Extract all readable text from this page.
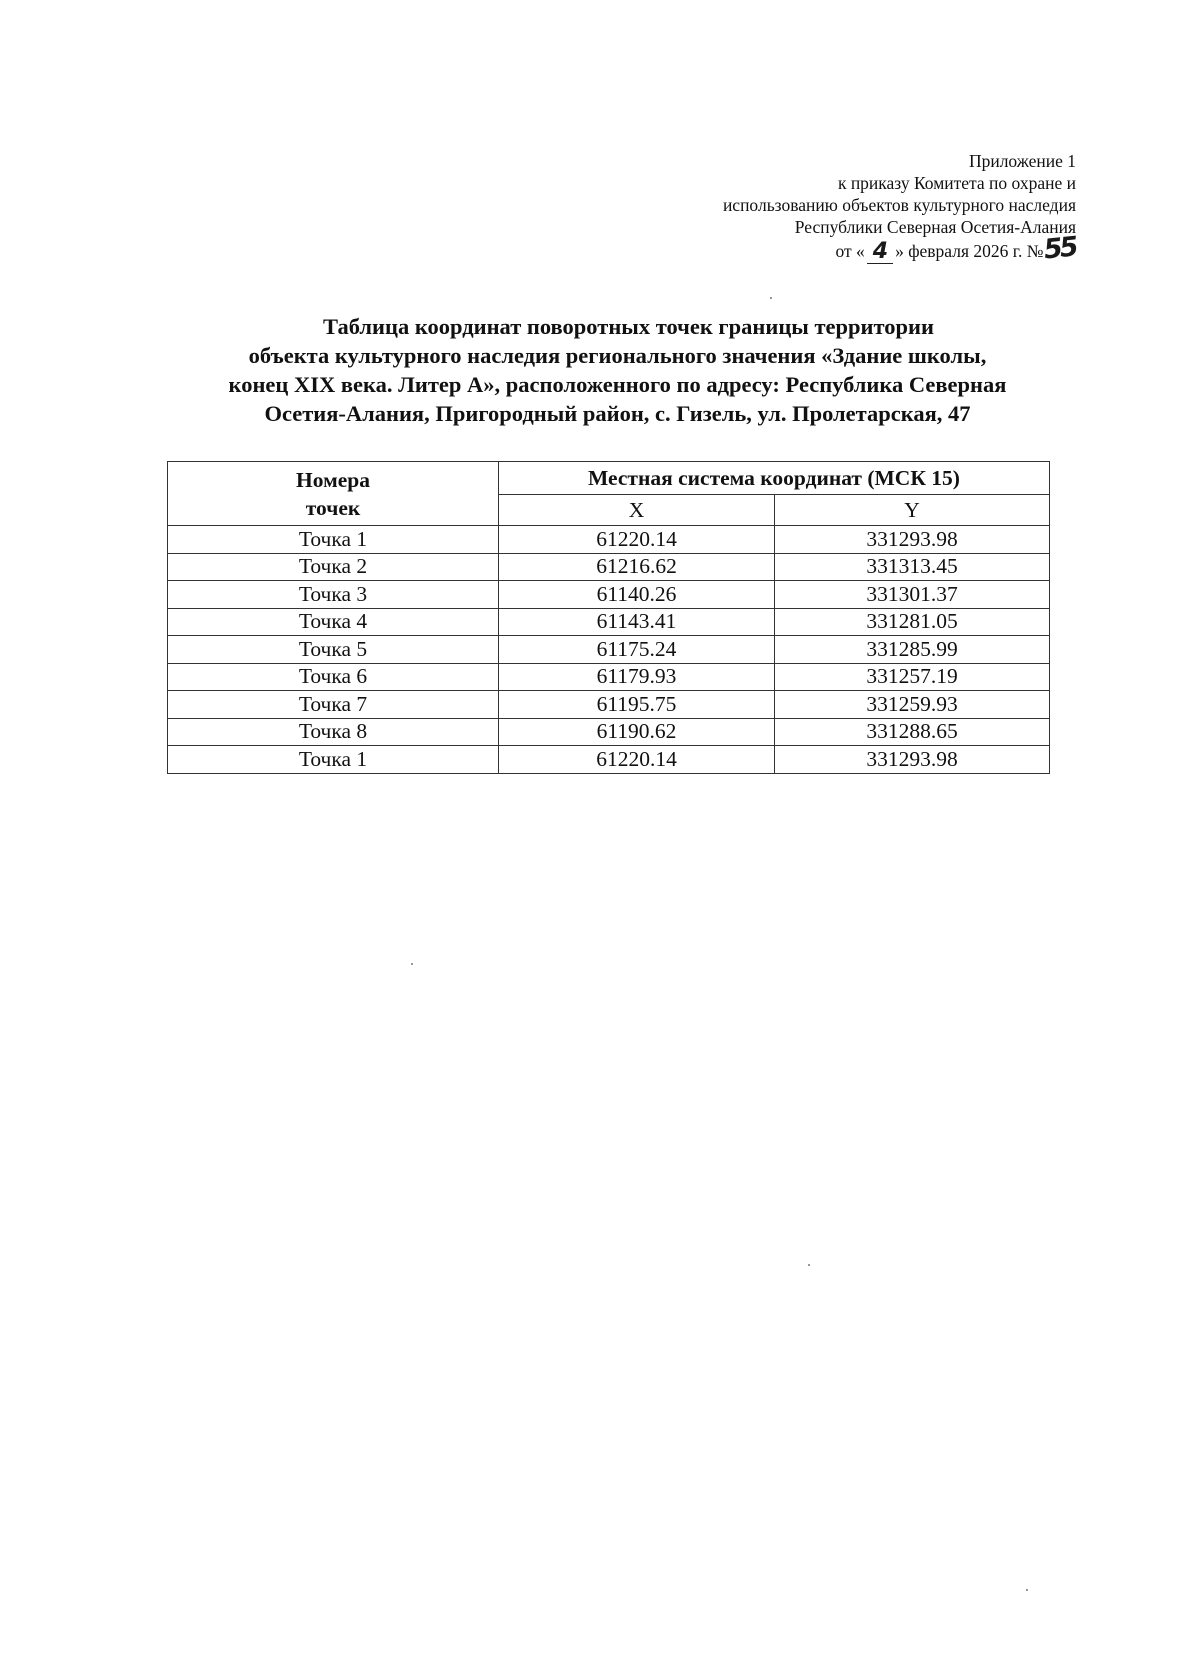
Приложение 1
к приказу Комитета по охране и
использованию объектов культурного наследия
Республики Северная Осетия-Алания
от « 4 » февраля 2026 г. №55
Таблица координат поворотных точек границы территории
объекта культурного наследия регионального значения «Здание школы,
конец XIX века. Литер А», расположенного по адресу: Республика Северная
Осетия-Алания, Пригородный район, с. Гизель, ул. Пролетарская, 47
Номера
точек	Местная система координат (МСК 15)	
	X	Y
Точка 1	61220.14	331293.98
Точка 2	61216.62	331313.45
Точка 3	61140.26	331301.37
Точка 4	61143.41	331281.05
Точка 5	61175.24	331285.99
Точка 6	61179.93	331257.19
Точка 7	61195.75	331259.93
Точка 8	61190.62	331288.65
Точка 1	61220.14	331293.98
